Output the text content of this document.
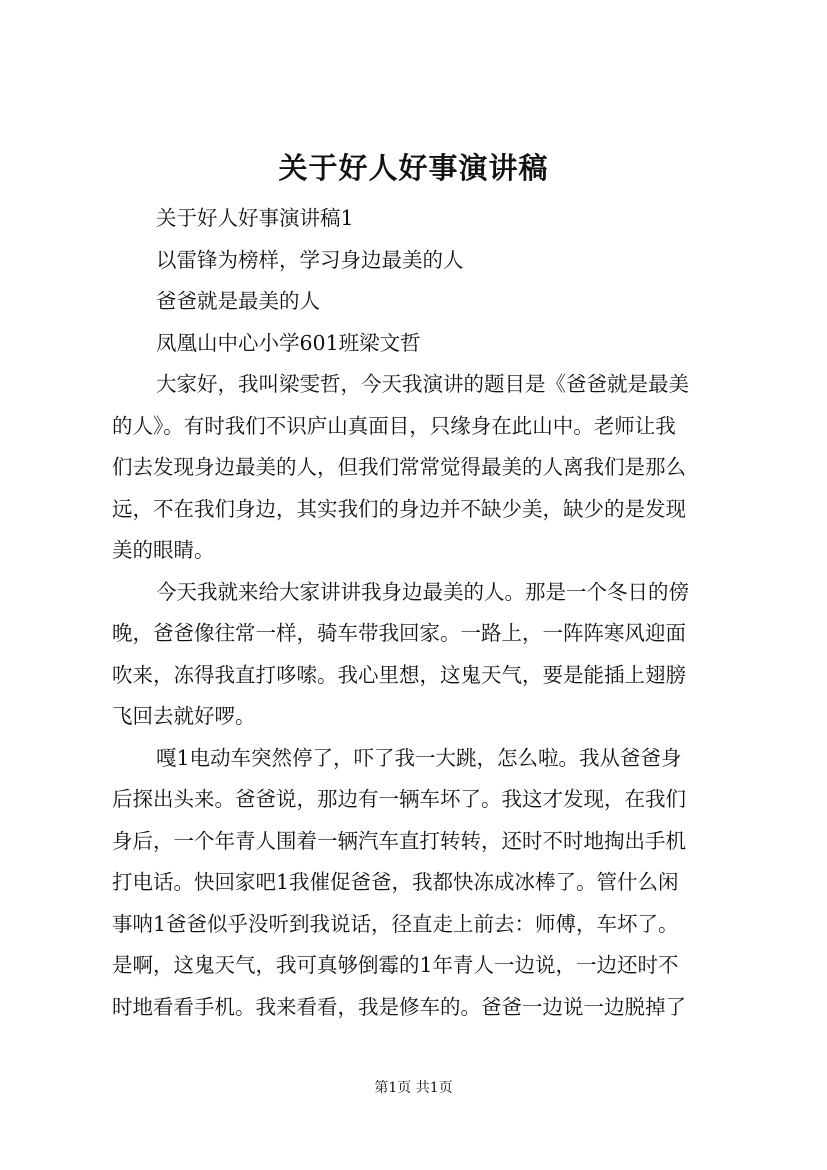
关于好人好事演讲稿
关于好人好事演讲稿1
以雷锋为榜样，学习身边最美的人
爸爸就是最美的人
凤凰山中心小学601班梁文哲
大家好，我叫梁雯哲，今天我演讲的题目是《爸爸就是最美
的人》。有时我们不识庐山真面目，只缘身在此山中。老师让我
们去发现身边最美的人，但我们常常觉得最美的人离我们是那么
远，不在我们身边，其实我们的身边并不缺少美，缺少的是发现
美的眼睛。
今天我就来给大家讲讲我身边最美的人。那是一个冬日的傍
晚，爸爸像往常一样，骑车带我回家。一路上，一阵阵寒风迎面
吹来，冻得我直打哆嗦。我心里想，这鬼天气，要是能插上翅膀
飞回去就好啰。
嘎1电动车突然停了，吓了我一大跳，怎么啦。我从爸爸身
后探出头来。爸爸说，那边有一辆车坏了。我这才发现，在我们
身后，一个年青人围着一辆汽车直打转转，还时不时地掏出手机
打电话。快回家吧1我催促爸爸，我都快冻成冰棒了。管什么闲
事呐1爸爸似乎没听到我说话，径直走上前去：师傅，车坏了。
是啊，这鬼天气，我可真够倒霉的1年青人一边说，一边还时不
时地看看手机。我来看看，我是修车的。爸爸一边说一边脱掉了
第1页 共1页
